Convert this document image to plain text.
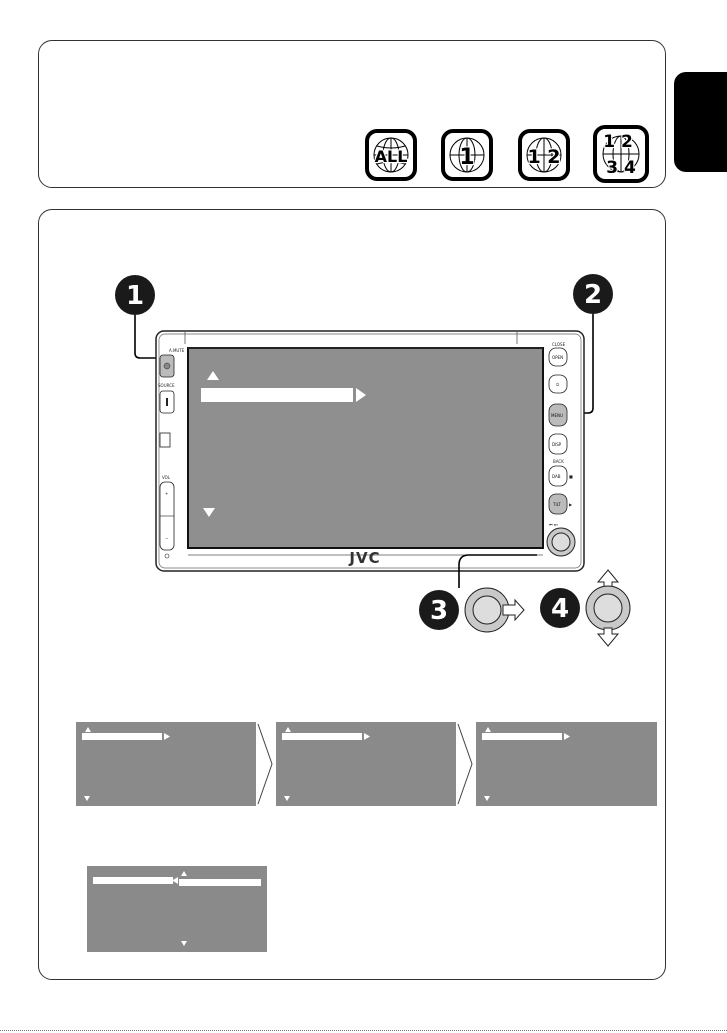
ALL 1	1 2
1 2 3 4
1	2
JVC
A.MUTE
SOURCE
VOL
+
−
CLOSE
OPEN
⏻
MENU
DISP
BACK
DAB
TILT
■
▶
⏮ ⏭
3	4
